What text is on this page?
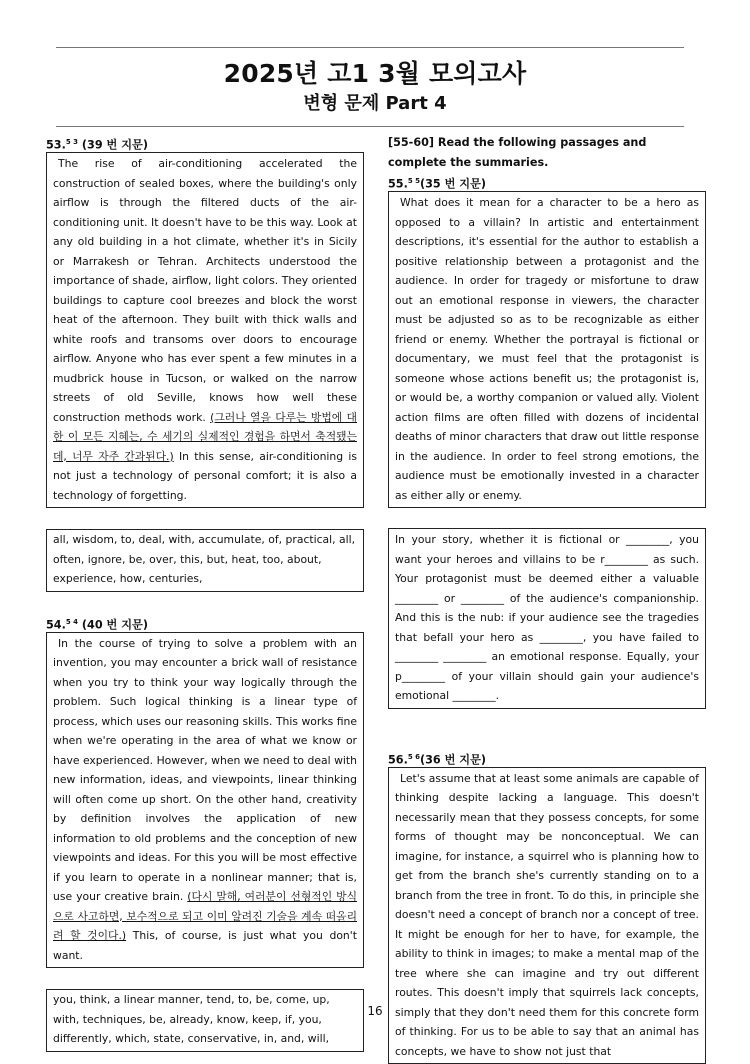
2025년 고1 3월 모의고사
변형 문제 Part 4
53.$^{5 3}$ (39 번 지문)
The rise of air-conditioning accelerated the construction of sealed boxes, where the building's only airflow is through the filtered ducts of the air-conditioning unit. It doesn't have to be this way. Look at any old building in a hot climate, whether it's in Sicily or Marrakesh or Tehran. Architects understood the importance of shade, airflow, light colors. They oriented buildings to capture cool breezes and block the worst heat of the afternoon. They built with thick walls and white roofs and transoms over doors to encourage airflow. Anyone who has ever spent a few minutes in a mudbrick house in Tucson, or walked on the narrow streets of old Seville, knows how well these construction methods work. (그러나 열을 다루는 방법에 대한 이 모든 지혜는, 수 세기의 실제적인 경험을 하면서 축적됐는데, 너무 자주 간과된다.) In this sense, air-conditioning is not just a technology of personal comfort; it is also a technology of forgetting.
all, wisdom, to, deal, with, accumulate, of, practical, all, often, ignore, be, over, this, but, heat, too, about, experience, how, centuries,
54.$^{5 4}$ (40 번 지문)
In the course of trying to solve a problem with an invention, you may encounter a brick wall of resistance when you try to think your way logically through the problem. Such logical thinking is a linear type of process, which uses our reasoning skills. This works fine when we're operating in the area of what we know or have experienced. However, when we need to deal with new information, ideas, and viewpoints, linear thinking will often come up short. On the other hand, creativity by definition involves the application of new information to old problems and the conception of new viewpoints and ideas. For this you will be most effective if you learn to operate in a nonlinear manner; that is, use your creative brain. (다시 말해, 여러분이 선형적인 방식으로 사고하면, 보수적으로 되고 이미 알려진 기술을 계속 떠올리려 할 것이다.) This, of course, is just what you don't want.
you, think, a linear manner, tend, to, be, come, up, with, techniques, be, already, know, keep, if, you, differently, which, state, conservative, in, and, will,
[55-60] Read the following passages and complete the summaries.
55.$^{5 5}$(35 번 지문)
What does it mean for a character to be a hero as opposed to a villain? In artistic and entertainment descriptions, it's essential for the author to establish a positive relationship between a protagonist and the audience. In order for tragedy or misfortune to draw out an emotional response in viewers, the character must be adjusted so as to be recognizable as either friend or enemy. Whether the portrayal is fictional or documentary, we must feel that the protagonist is someone whose actions benefit us; the protagonist is, or would be, a worthy companion or valued ally. Violent action films are often filled with dozens of incidental deaths of minor characters that draw out little response in the audience. In order to feel strong emotions, the audience must be emotionally invested in a character as either ally or enemy.
In your story, whether it is fictional or ________, you want your heroes and villains to be r________ as such. Your protagonist must be deemed either a valuable ________ or ________ of the audience's companionship. And this is the nub: if your audience see the tragedies that befall your hero as ________, you have failed to ________ ________ an emotional response. Equally, your p________ of your villain should gain your audience's emotional ________.
56.$^{5 6}$(36 번 지문)
Let's assume that at least some animals are capable of thinking despite lacking a language. This doesn't necessarily mean that they possess concepts, for some forms of thought may be nonconceptual. We can imagine, for instance, a squirrel who is planning how to get from the branch she's currently standing on to a branch from the tree in front. To do this, in principle she doesn't need a concept of branch nor a concept of tree. It might be enough for her to have, for example, the ability to think in images; to make a mental map of the tree where she can imagine and try out different routes. This doesn't imply that squirrels lack concepts, simply that they don't need them for this concrete form of thinking. For us to be able to say that an animal has concepts, we have to show not just that
16
